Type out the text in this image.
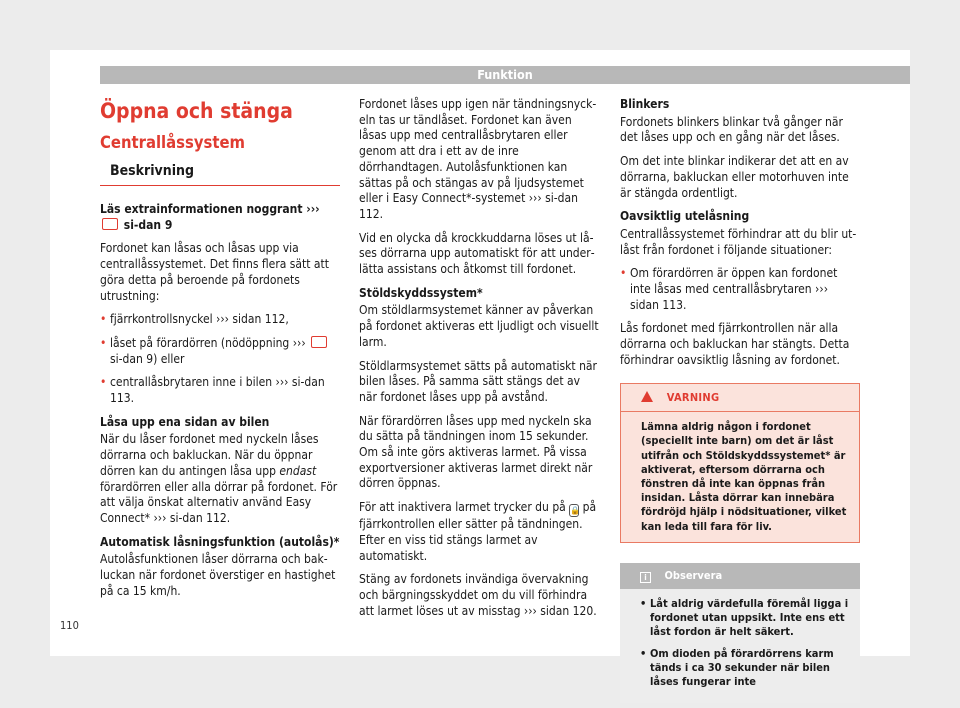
Funktion
Öppna och stänga
Centrallåssystem
Beskrivning

Läs extrainformationen noggrant ›››  si-dan 9

Fordonet kan låsas och låsas upp via centrallåssystemet. Det finns flera sätt att göra detta på beroende på fordonets utrustning:

• fjärrkontrollsnyckel ››› sidan 112,

• låset på förardörren (nödöppning ›››  si-dan 9) eller

• centrallåsbrytaren inne i bilen ››› si-dan 113.

Låsa upp ena sidan av bilen

När du låser fordonet med nyckeln låses dörrarna och bakluckan. När du öppnar dörren kan du antingen låsa upp endast förardörren eller alla dörrar på fordonet. För att välja önskat alternativ använd Easy Connect* ››› si-dan 112.

Automatisk låsningsfunktion (autolås)*

Autolåsfunktionen låser dörrarna och bakluckan när fordonet överstiger en hastighet på ca 15 km/h.

Fordonet låses upp igen när tändningsnyckeln tas ur tändlåset. Fordonet kan även låsas upp med centrallåsbrytaren eller genom att dra i ett av de inre dörrhandtagen. Autolåsfunktionen kan sättas på och stängas av på ljudsystemet eller i Easy Connect*-systemet ››› si-dan 112.

Vid en olycka då krockkuddarna löses ut låses dörrarna upp automatiskt för att underlätta assistans och åtkomst till fordonet.

Stöldskyddssystem*

Om stöldlarmsystemet känner av påverkan på fordonet aktiveras ett ljudligt och visuellt larm.

Stöldlarmsystemet sätts på automatiskt när bilen låses. På samma sätt stängs det av när fordonet låses upp på avstånd.

När förardörren låses upp med nyckeln ska du sätta på tändningen inom 15 sekunder. Om så inte görs aktiveras larmet. På vissa exportversioner aktiveras larmet direkt när dörren öppnas.

För att inaktivera larmet trycker du på 🔒 på fjärrkontrollen eller sätter på tändningen. Efter en viss tid stängs larmet av automatiskt.

Stäng av fordonets invändiga övervakning och bärgningsskyddet om du vill förhindra att larmet löses ut av misstag ››› sidan 120.

Blinkers

Fordonets blinkers blinkar två gånger när det låses upp och en gång när det låses.

Om det inte blinkar indikerar det att en av dörrarna, bakluckan eller motorhuven inte är stängda ordentligt.

Oavsiktlig utelåsning

Centrallåssystemet förhindrar att du blir utlåst från fordonet i följande situationer:

• Om förardörren är öppen kan fordonet inte låsas med centrallåsbrytaren ››› sidan 113.

Lås fordonet med fjärrkontrollen när alla dörrarna och bakluckan har stängts. Detta förhindrar oavsiktlig låsning av fordonet.

VARNING
Lämna aldrig någon i fordonet (speciellt inte barn) om det är låst utifrån och Stöldskyddssystemet* är aktiverat, eftersom dörrarna och fönstren då inte kan öppnas från insidan. Låsta dörrar kan innebära fördröjd hjälp i nödsituationer, vilket kan leda till fara för liv.
i Observera

• Låt aldrig värdefulla föremål ligga i fordonet utan uppsikt. Inte ens ett låst fordon är helt säkert.

• Om dioden på förardörrens karm tänds i ca 30 sekunder när bilen låses fungerar inte

110
